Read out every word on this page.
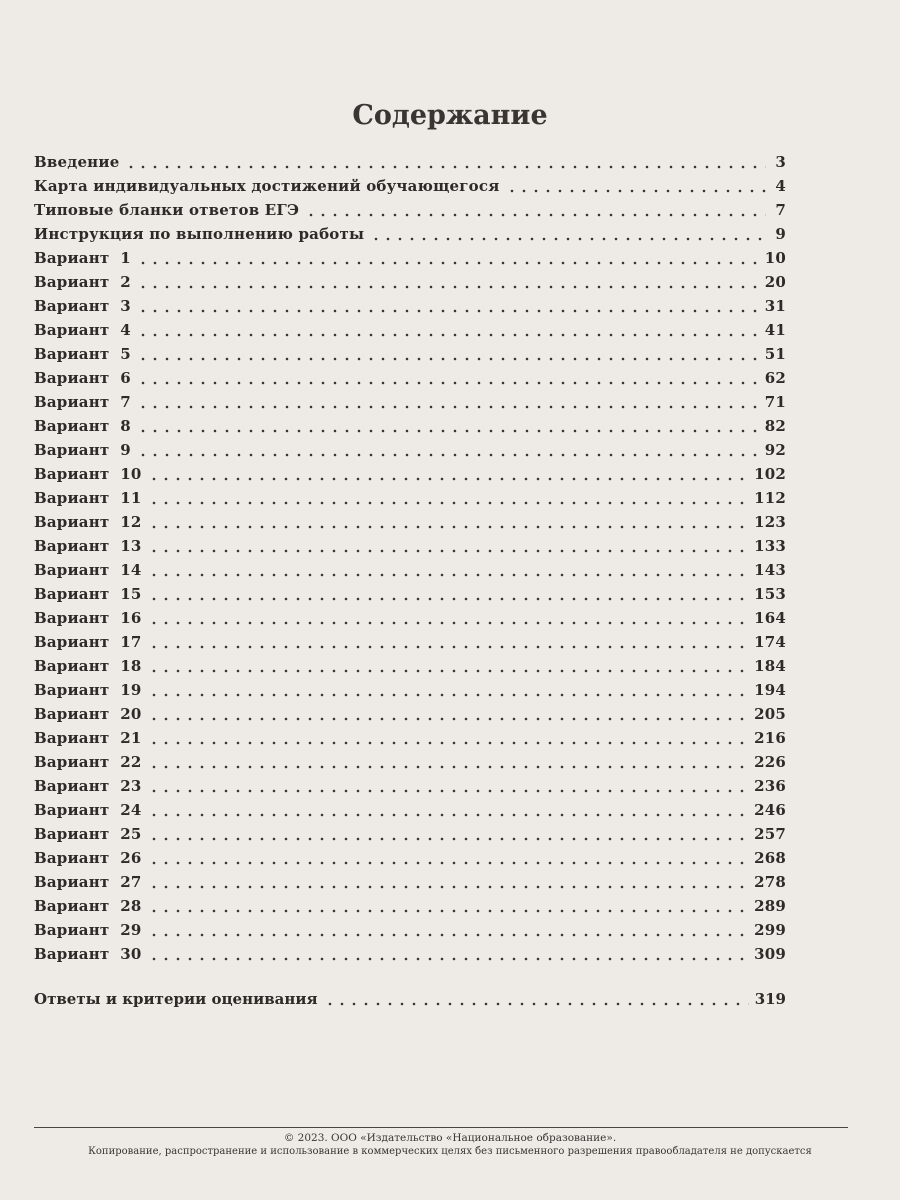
Содержание
Введение	3
Карта индивидуальных достижений обучающегося	4
Типовые бланки ответов ЕГЭ	7
Инструкция по выполнению работы	9
Вариант  1	10
Вариант  2	20
Вариант  3	31
Вариант  4	41
Вариант  5	51
Вариант  6	62
Вариант  7	71
Вариант  8	82
Вариант  9	92
Вариант  10	102
Вариант  11	112
Вариант  12	123
Вариант  13	133
Вариант  14	143
Вариант  15	153
Вариант  16	164
Вариант  17	174
Вариант  18	184
Вариант  19	194
Вариант  20	205
Вариант  21	216
Вариант  22	226
Вариант  23	236
Вариант  24	246
Вариант  25	257
Вариант  26	268
Вариант  27	278
Вариант  28	289
Вариант  29	299
Вариант  30	309
Ответы и критерии оценивания	319
© 2023. ООО «Издательство «Национальное образование».
Копирование, распространение и использование в коммерческих целях без письменного разрешения правообладателя не допускается
